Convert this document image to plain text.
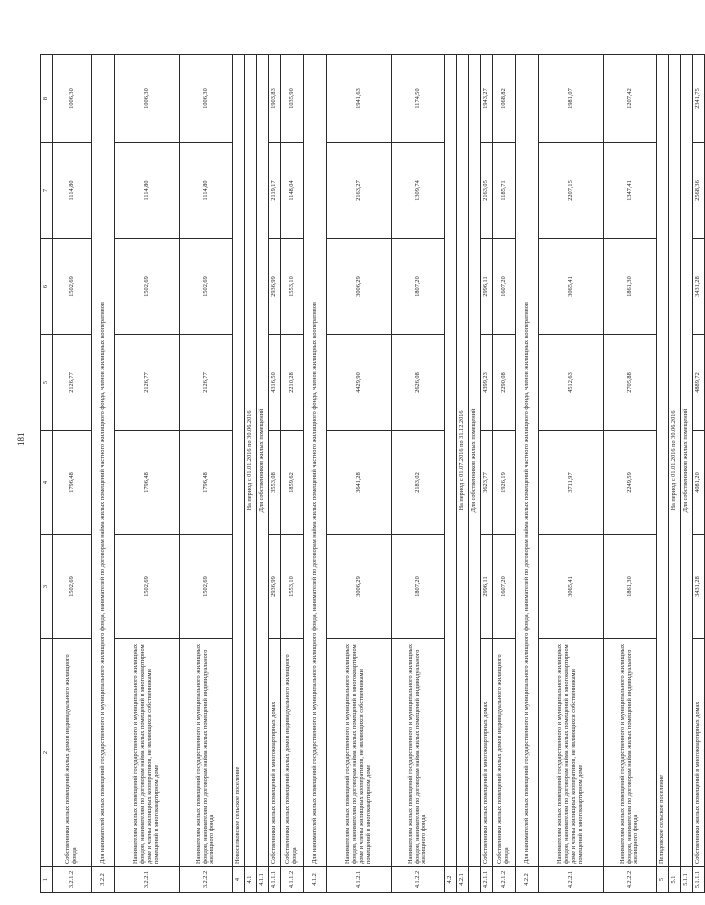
181
1	2	3	4	5	6	7	8
3.2.1.2	Собственники жилых помещений жилых домов индивидуального жилищного фонда	1502,69	1796,48	2126,77	1502,69	1114,80	1006,30
3.2.2	Для нанимателей жилых помещений государственного и муниципального жилищного фонда, нанимателей по договорам найма жилых помещений частного жилищного фонда, членов жилищных кооперативов						
3.2.2.1	Нанимателям жилых помещений государственного и муниципального жилищных фондов, нанимателям по договорам найма жилых помещений в многоквартирном доме и члены жилищных кооперативов, не являющихся собственниками помещений в многоквартирном доме	1502,69	1796,48	2126,77	1502,69	1114,80	1006,30
3.2.2.2	Нанимателям жилых помещений государственного и муниципального жилищных фондов, нанимателям по договорам найма жилых помещений индивидуального жилищного фонда	1502,69	1796,48	2126,77	1502,69	1114,80	1006,30
4	Новоселковское сельское поселение						
4.1	На период с 01.01.2016 по 30.06.2016						
4.1.1	Для собственников жилых помещений						
4.1.1.1	Собственники жилых помещений в многоквартирных домах	2936,99	3553,08	4316,50	2936,99	2119,17	1903,83
4.1.1.2	Собственники жилых помещений жилых домов индивидуального жилищного фонда	1553,10	1859,62	2210,28	1553,10	1148,04	1035,90
4.1.2	Для нанимателей жилых помещений государственного и муниципального жилищного фонда, нанимателей по договорам найма жилых помещений частного жилищного фонда, членов жилищных кооперативов						
4.1.2.1	Нанимателям жилых помещений государственного и муниципального жилищных фондов, нанимателям по договорам найма жилых помещений в многоквартирном доме и члены жилищных кооперативов, не являющихся собственниками помещений в многоквартирном доме	3006,29	3641,28	4429,90	3006,29	2163,27	1941,63
4.1.2.2	Нанимателям жилых помещений государственного и муниципального жилищных фондов, нанимателям по договорам найма жилых помещений индивидуального жилищного фонда	1807,20	2183,02	2626,08	1807,20	1309,74	1174,50
4.2							
4.2.1	На период с 01.07.2016 по 31.12.2016						
	Для собственников жилых помещений						
4.2.1.1	Собственники жилых помещений в многоквартирных домах	2996,11	3623,77	4399,23	2996,11	2163,05	1943,27
4.2.1.2	Собственники жилых помещений жилых домов индивидуального жилищного фонда	1607,20	1926,19	2290,08	1607,20	1185,71	1068,82
4.2.2	Для нанимателей жилых помещений государственного и муниципального жилищного фонда, нанимателей по договорам найма жилых помещений частного жилищного фонда, членов жилищных кооперативов						
4.2.2.1	Нанимателям жилых помещений государственного и муниципального жилищных фондов, нанимателям по договорам найма жилых помещений в многоквартирном доме и члены жилищных кооперативов, не являющихся собственниками помещений в многоквартирном доме	3065,41	3711,97	4512,63	3065,41	2207,15	1981,07
4.2.2.2	Нанимателям жилых помещений государственного и муниципального жилищных фондов, нанимателям по договорам найма жилых помещений индивидуального жилищного фонда	1861,30	2249,59	2705,88	1861,30	1347,41	1207,42
5	Пелидовское сельское поселение						
5.1	На период с 01.01.2016 по 30.06.2016						
5.1.1	Для собственников жилых помещений						
5.1.1.1	Собственники жилых помещений в многоквартирных домах	3431,28	4081,20	4889,72	3431,28	2568,36	2341,75
